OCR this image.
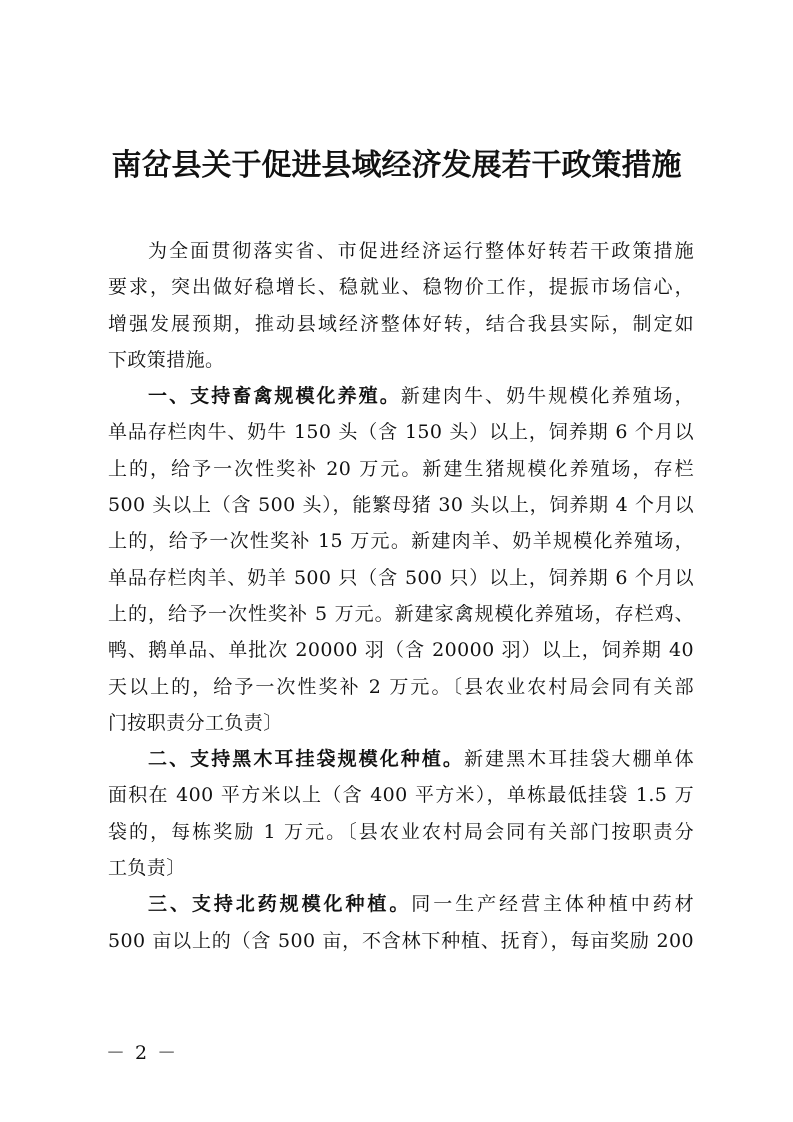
南岔县关于促进县域经济发展若干政策措施
为全面贯彻落实省、市促进经济运行整体好转若干政策措施
要求，突出做好稳增长、稳就业、稳物价工作，提振市场信心，
增强发展预期，推动县域经济整体好转，结合我县实际，制定如
下政策措施。
一、支持畜禽规模化养殖。新建肉牛、奶牛规模化养殖场，
单品存栏肉牛、奶牛 150 头（含 150 头）以上，饲养期 6 个月以
上的，给予一次性奖补 20 万元。新建生猪规模化养殖场，存栏
500 头以上（含 500 头），能繁母猪 30 头以上，饲养期 4 个月以
上的，给予一次性奖补 15 万元。新建肉羊、奶羊规模化养殖场，
单品存栏肉羊、奶羊 500 只（含 500 只）以上，饲养期 6 个月以
上的，给予一次性奖补 5 万元。新建家禽规模化养殖场，存栏鸡、
鸭、鹅单品、单批次 20000 羽（含 20000 羽）以上，饲养期 40
天以上的，给予一次性奖补 2 万元。〔县农业农村局会同有关部
门按职责分工负责〕
二、支持黑木耳挂袋规模化种植。新建黑木耳挂袋大棚单体
面积在 400 平方米以上（含 400 平方米），单栋最低挂袋 1.5 万
袋的，每栋奖励 1 万元。〔县农业农村局会同有关部门按职责分
工负责〕
三、支持北药规模化种植。同一生产经营主体种植中药材
500 亩以上的（含 500 亩，不含林下种植、抚育），每亩奖励 200
－ 2 －
